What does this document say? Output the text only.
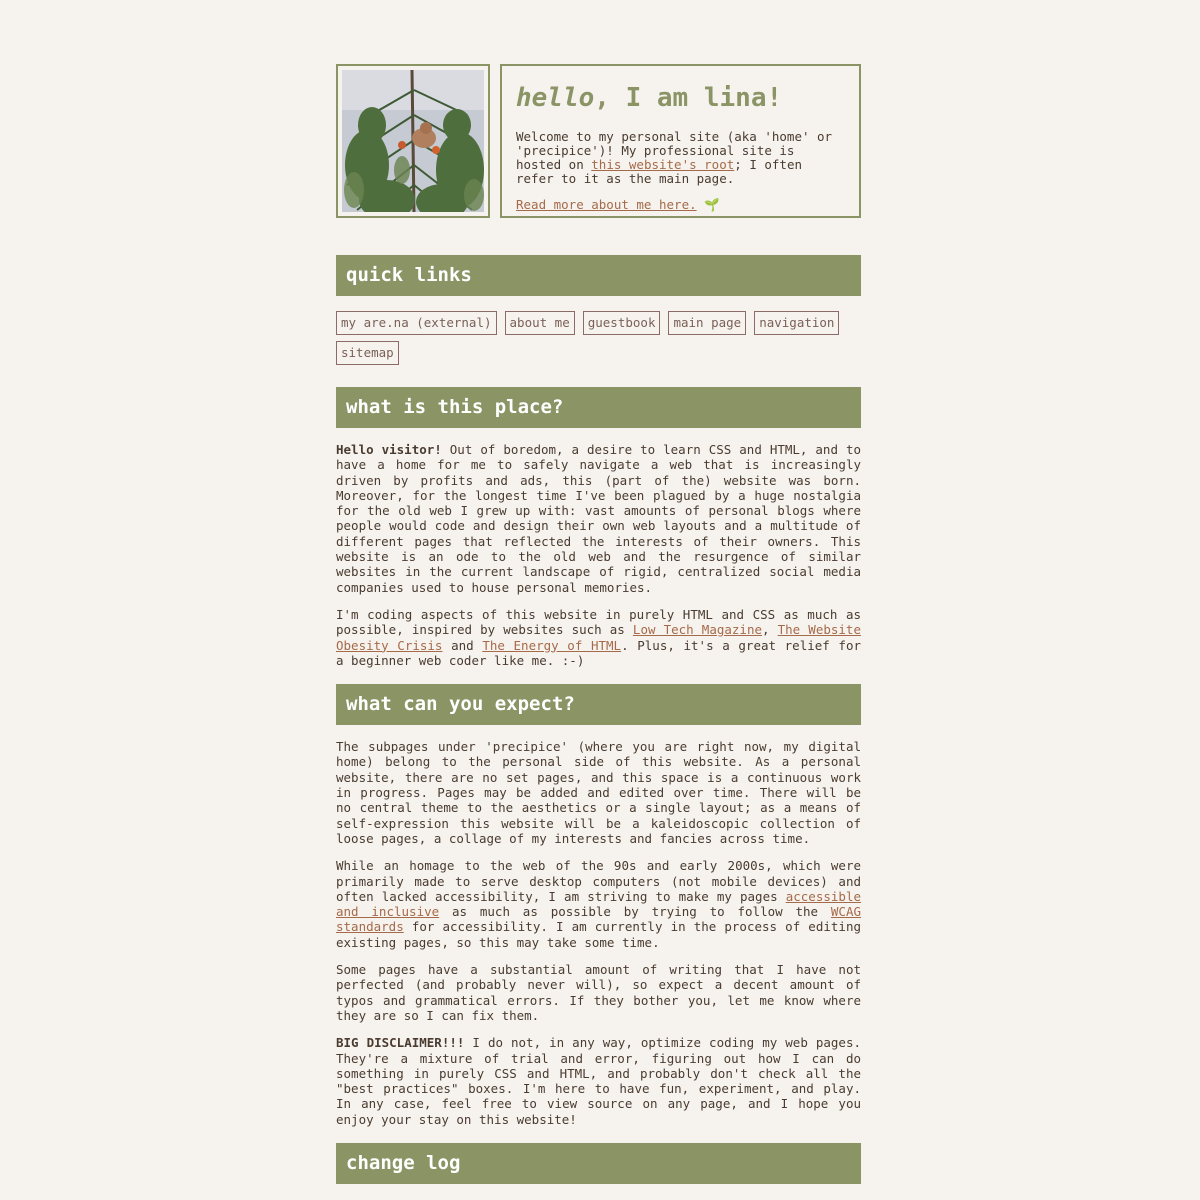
hello, I am lina!

Welcome to my personal site (aka 'home' or 'precipice')! My professional site is hosted on this website's root; I often refer to it as the main page.

Read more about me here. 🌱

quick links
my are.na (external)	about me	guestbook	main page	navigation
sitemap
what is this place?

Hello visitor! Out of boredom, a desire to learn CSS and HTML, and to have a home for me to safely navigate a web that is increasingly driven by profits and ads, this (part of the) website was born. Moreover, for the longest time I've been plagued by a huge nostalgia for the old web I grew up with: vast amounts of personal blogs where people would code and design their own web layouts and a multitude of different pages that reflected the interests of their owners. This website is an ode to the old web and the resurgence of similar websites in the current landscape of rigid, centralized social media companies used to house personal memories.

I'm coding aspects of this website in purely HTML and CSS as much as possible, inspired by websites such as Low Tech Magazine, The Website Obesity Crisis and The Energy of HTML. Plus, it's a great relief for a beginner web coder like me. :-)

what can you expect?

The subpages under 'precipice' (where you are right now, my digital home) belong to the personal side of this website. As a personal website, there are no set pages, and this space is a continuous work in progress. Pages may be added and edited over time. There will be no central theme to the aesthetics or a single layout; as a means of self-expression this website will be a kaleidoscopic collection of loose pages, a collage of my interests and fancies across time.

While an homage to the web of the 90s and early 2000s, which were primarily made to serve desktop computers (not mobile devices) and often lacked accessibility, I am striving to make my pages accessible and inclusive as much as possible by trying to follow the WCAG standards for accessibility. I am currently in the process of editing existing pages, so this may take some time.

Some pages have a substantial amount of writing that I have not perfected (and probably never will), so expect a decent amount of typos and grammatical errors. If they bother you, let me know where they are so I can fix them.

BIG DISCLAIMER!!! I do not, in any way, optimize coding my web pages. They're a mixture of trial and error, figuring out how I can do something in purely CSS and HTML, and probably don't check all the "best practices" boxes. I'm here to have fun, experiment, and play. In any case, feel free to view source on any page, and I hope you enjoy your stay on this website!

change log
